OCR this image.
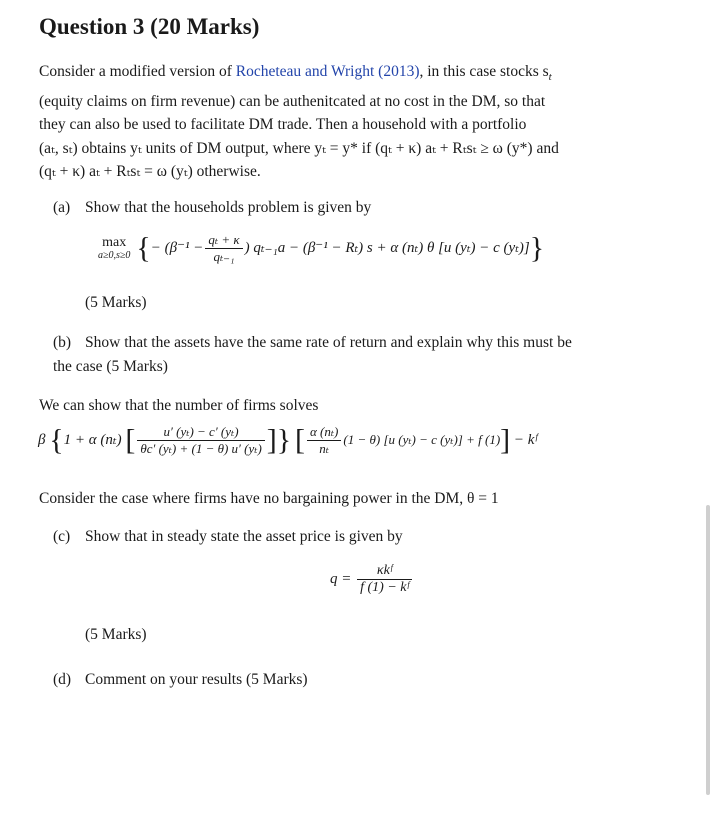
Question 3 (20 Marks)
Consider a modified version of Rocheteau and Wright (2013), in this case stocks $s_t$
(equity claims on firm revenue) can be authenitcated at no cost in the DM, so that
they can also be used to facilitate DM trade. Then a household with a portfolio
(aₜ, sₜ) obtains yₜ units of DM output, where yₜ = y* if (qₜ + κ) aₜ + Rₜsₜ ≥ ω (y*) and
(qₜ + κ) aₜ + Rₜsₜ = ω (yₜ) otherwise.
(a) Show that the households problem is given by
max
a≥0,s≥0 {− ($\beta^{-1} - \frac{\text{qₜ + κ}}{\text{qₜ₋₁}}$ ) qₜ₋₁a − (β⁻¹ − Rₜ) s + α (nₜ) θ [u (yₜ) − c (yₜ)]}
(5 Marks)
(b) Show that the assets have the same rate of return and explain why this must be
the case (5 Marks)
We can show that the number of firms solves
β {1 + α (nₜ) [ $\frac{\text{u′ (yₜ) − c′ (yₜ)}}{\text{θc′ (yₜ) + (1 − θ) u′ (yₜ)}}$ ]} [ $\frac{\text{α (nₜ)}}{\text{nₜ}} (1 - \theta)$ [u (yₜ) − c (yₜ)] + f (1)] − kᶠ
Consider the case where firms have no bargaining power in the DM, θ = 1
(c) Show that in steady state the asset price is given by
$q = \frac{\text{κkᶠ}}{\text{f (1) − kᶠ}}$
(5 Marks)
(d) Comment on your results (5 Marks)
